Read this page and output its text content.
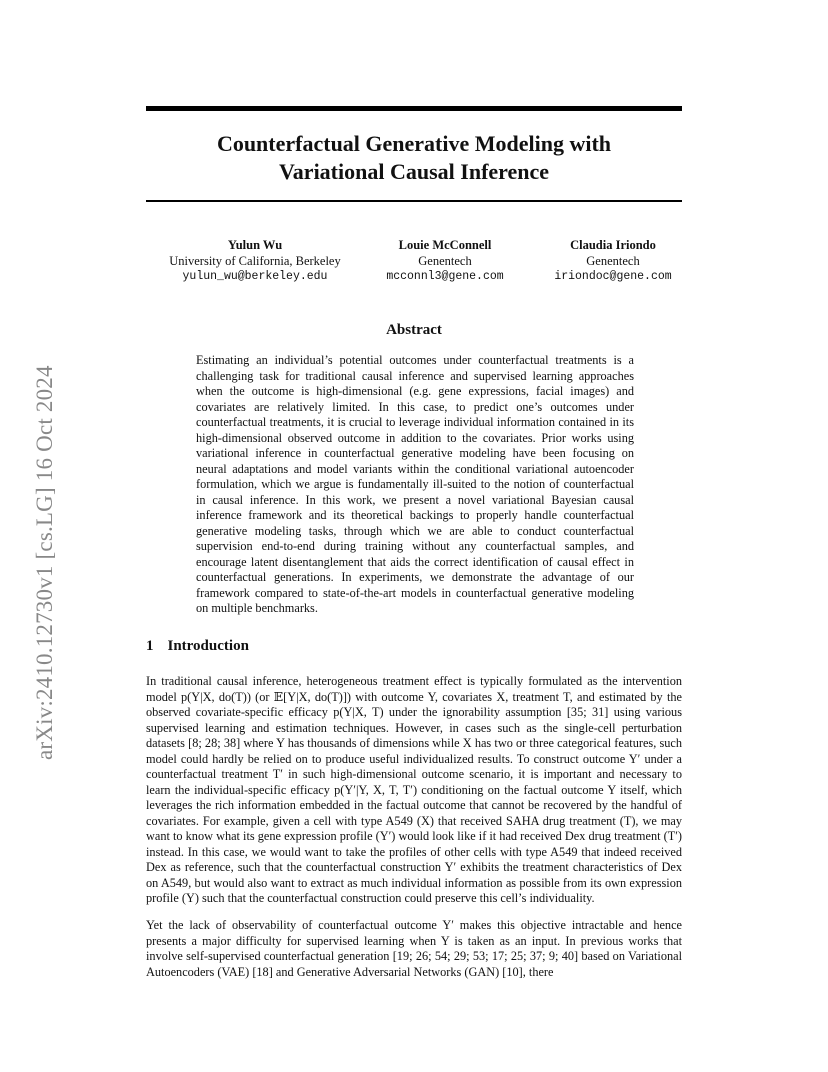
Counterfactual Generative Modeling with
Variational Causal Inference
Yulun Wu
University of California, Berkeley
yulun_wu@berkeley.edu
Louie McConnell
Genentech
mcconnl3@gene.com
Claudia Iriondo
Genentech
iriondoc@gene.com
arXiv:2410.12730v1 [cs.LG] 16 Oct 2024
Abstract

Estimating an individual’s potential outcomes under counterfactual treatments is a challenging task for traditional causal inference and supervised learning approaches when the outcome is high-dimensional (e.g. gene expressions, facial images) and covariates are relatively limited. In this case, to predict one’s outcomes under counterfactual treatments, it is crucial to leverage individual information contained in its high-dimensional observed outcome in addition to the covariates. Prior works using variational inference in counterfactual generative modeling have been focusing on neural adaptations and model variants within the conditional variational autoencoder formulation, which we argue is fundamentally ill-suited to the notion of counterfactual in causal inference. In this work, we present a novel variational Bayesian causal inference framework and its theoretical backings to properly handle counterfactual generative modeling tasks, through which we are able to conduct counterfactual supervision end-to-end during training without any counterfactual samples, and encourage latent disentanglement that aids the correct identification of causal effect in counterfactual generations. In experiments, we demonstrate the advantage of our framework compared to state-of-the-art models in counterfactual generative modeling on multiple benchmarks.

1 Introduction

In traditional causal inference, heterogeneous treatment effect is typically formulated as the intervention model p(Y|X, do(T)) (or 𝔼[Y|X, do(T)]) with outcome Y, covariates X, treatment T, and estimated by the observed covariate-specific efficacy p(Y|X, T) under the ignorability assumption [35; 31] using various supervised learning and estimation techniques. However, in cases such as the single-cell perturbation datasets [8; 28; 38] where Y has thousands of dimensions while X has two or three categorical features, such model could hardly be relied on to produce useful individualized results. To construct outcome Y′ under a counterfactual treatment T′ in such high-dimensional outcome scenario, it is important and necessary to learn the individual-specific efficacy p(Y′|Y, X, T, T′) conditioning on the factual outcome Y itself, which leverages the rich information embedded in the factual outcome that cannot be recovered by the handful of covariates. For example, given a cell with type A549 (X) that received SAHA drug treatment (T), we may want to know what its gene expression profile (Y′) would look like if it had received Dex drug treatment (T′) instead. In this case, we would want to take the profiles of other cells with type A549 that indeed received Dex as reference, such that the counterfactual construction Y′ exhibits the treatment characteristics of Dex on A549, but would also want to extract as much individual information as possible from its own expression profile (Y) such that the counterfactual construction could preserve this cell’s individuality.

Yet the lack of observability of counterfactual outcome Y′ makes this objective intractable and hence presents a major difficulty for supervised learning when Y is taken as an input. In previous works that involve self-supervised counterfactual generation [19; 26; 54; 29; 53; 17; 25; 37; 9; 40] based on Variational Autoencoders (VAE) [18] and Generative Adversarial Networks (GAN) [10], there
